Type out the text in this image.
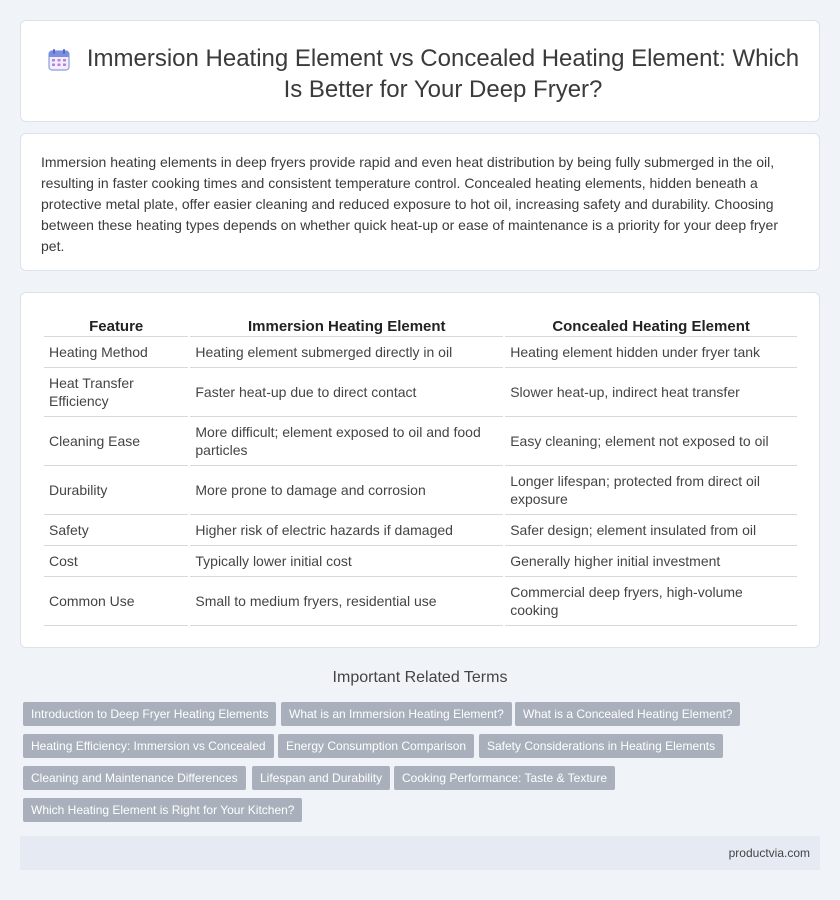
Immersion Heating Element vs Concealed Heating Element: Which Is Better for Your Deep Fryer?

Immersion heating elements in deep fryers provide rapid and even heat distribution by being fully submerged in the oil, resulting in faster cooking times and consistent temperature control. Concealed heating elements, hidden beneath a protective metal plate, offer easier cleaning and reduced exposure to hot oil, increasing safety and durability. Choosing between these heating types depends on whether quick heat-up or ease of maintenance is a priority for your deep fryer pet.

Feature	Immersion Heating Element	Concealed Heating Element
Heating Method	Heating element submerged directly in oil	Heating element hidden under fryer tank
Heat Transfer Efficiency	Faster heat-up due to direct contact	Slower heat-up, indirect heat transfer
Cleaning Ease	More difficult; element exposed to oil and food particles	Easy cleaning; element not exposed to oil
Durability	More prone to damage and corrosion	Longer lifespan; protected from direct oil exposure
Safety	Higher risk of electric hazards if damaged	Safer design; element insulated from oil
Cost	Typically lower initial cost	Generally higher initial investment
Common Use	Small to medium fryers, residential use	Commercial deep fryers, high-volume cooking
Important Related Terms
Introduction to Deep Fryer Heating Elements	What is an Immersion Heating Element?	What is a Concealed Heating Element?
Heating Efficiency: Immersion vs Concealed	Energy Consumption Comparison	Safety Considerations in Heating Elements
Cleaning and Maintenance Differences	Lifespan and Durability	Cooking Performance: Taste & Texture
Which Heating Element is Right for Your Kitchen?
productvia.com
